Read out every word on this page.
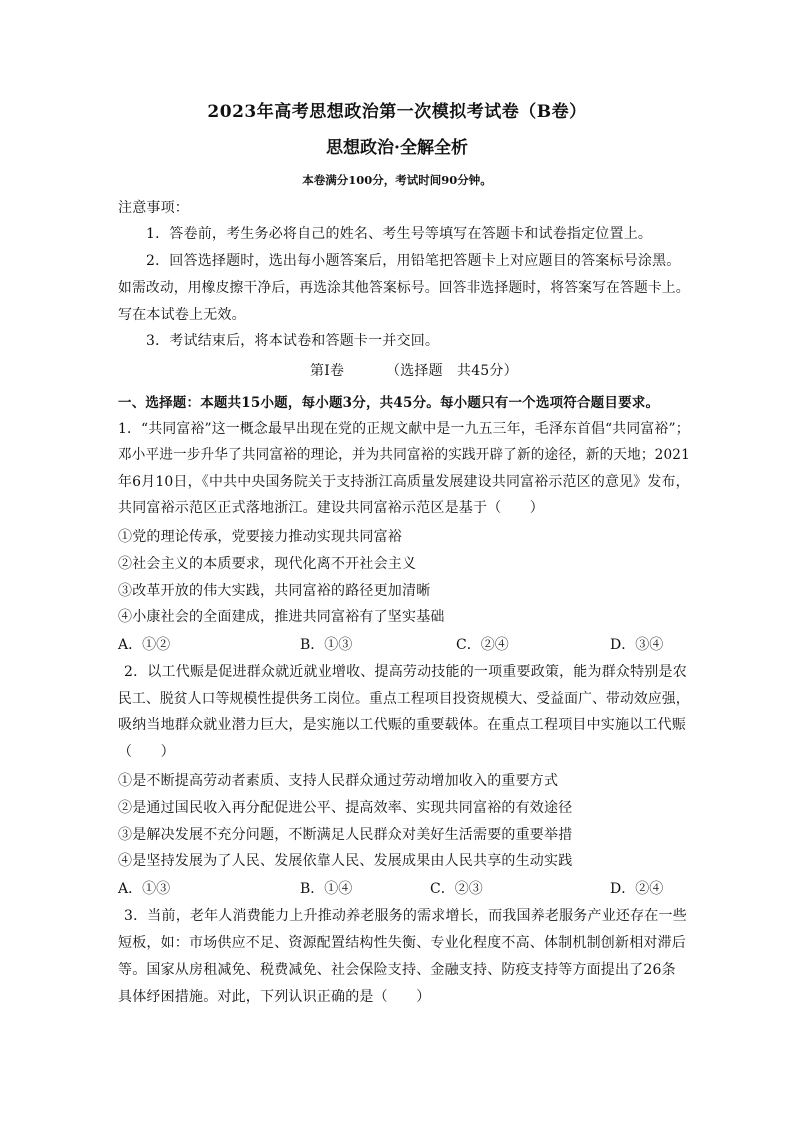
2023年高考思想政治第一次模拟考试卷（B卷）
思想政治·全解全析
本卷满分100分，考试时间90分钟。
注意事项：
1．答卷前，考生务必将自己的姓名、考生号等填写在答题卡和试卷指定位置上。
2．回答选择题时，选出每小题答案后，用铅笔把答题卡上对应题目的答案标号涂黑。
如需改动，用橡皮擦干净后，再选涂其他答案标号。回答非选择题时，将答案写在答题卡上。
写在本试卷上无效。
3．考试结束后，将本试卷和答题卡一并交回。
第Ⅰ卷	（选择题　共45分）
一、选择题：本题共15小题，每小题3分，共45分。每小题只有一个选项符合题目要求。
1．“共同富裕”这一概念最早出现在党的正规文献中是一九五三年，毛泽东首倡“共同富裕”；
邓小平进一步升华了共同富裕的理论，并为共同富裕的实践开辟了新的途径，新的天地；2021
年6月10日，《中共中央国务院关于支持浙江高质量发展建设共同富裕示范区的意见》发布，
共同富裕示范区正式落地浙江。建设共同富裕示范区是基于（　　）
①党的理论传承，党要接力推动实现共同富裕
②社会主义的本质要求，现代化离不开社会主义
③改革开放的伟大实践，共同富裕的路径更加清晰
④小康社会的全面建成，推进共同富裕有了坚实基础
A．①②	B．①③	C．②④	D．③④
2．以工代赈是促进群众就近就业增收、提高劳动技能的一项重要政策，能为群众特别是农
民工、脱贫人口等规模性提供务工岗位。重点工程项目投资规模大、受益面广、带动效应强，
吸纳当地群众就业潜力巨大，是实施以工代赈的重要载体。在重点工程项目中实施以工代赈
（　　）
①是不断提高劳动者素质、支持人民群众通过劳动增加收入的重要方式
②是通过国民收入再分配促进公平、提高效率、实现共同富裕的有效途径
③是解决发展不充分问题，不断满足人民群众对美好生活需要的重要举措
④是坚持发展为了人民、发展依靠人民、发展成果由人民共享的生动实践
A．①③	B．①④	C．②③	D．②④
3．当前，老年人消费能力上升推动养老服务的需求增长，而我国养老服务产业还存在一些
短板，如：市场供应不足、资源配置结构性失衡、专业化程度不高、体制机制创新相对滞后
等。国家从房租减免、税费减免、社会保险支持、金融支持、防疫支持等方面提出了26条
具体纾困措施。对此，下列认识正确的是（　　）
